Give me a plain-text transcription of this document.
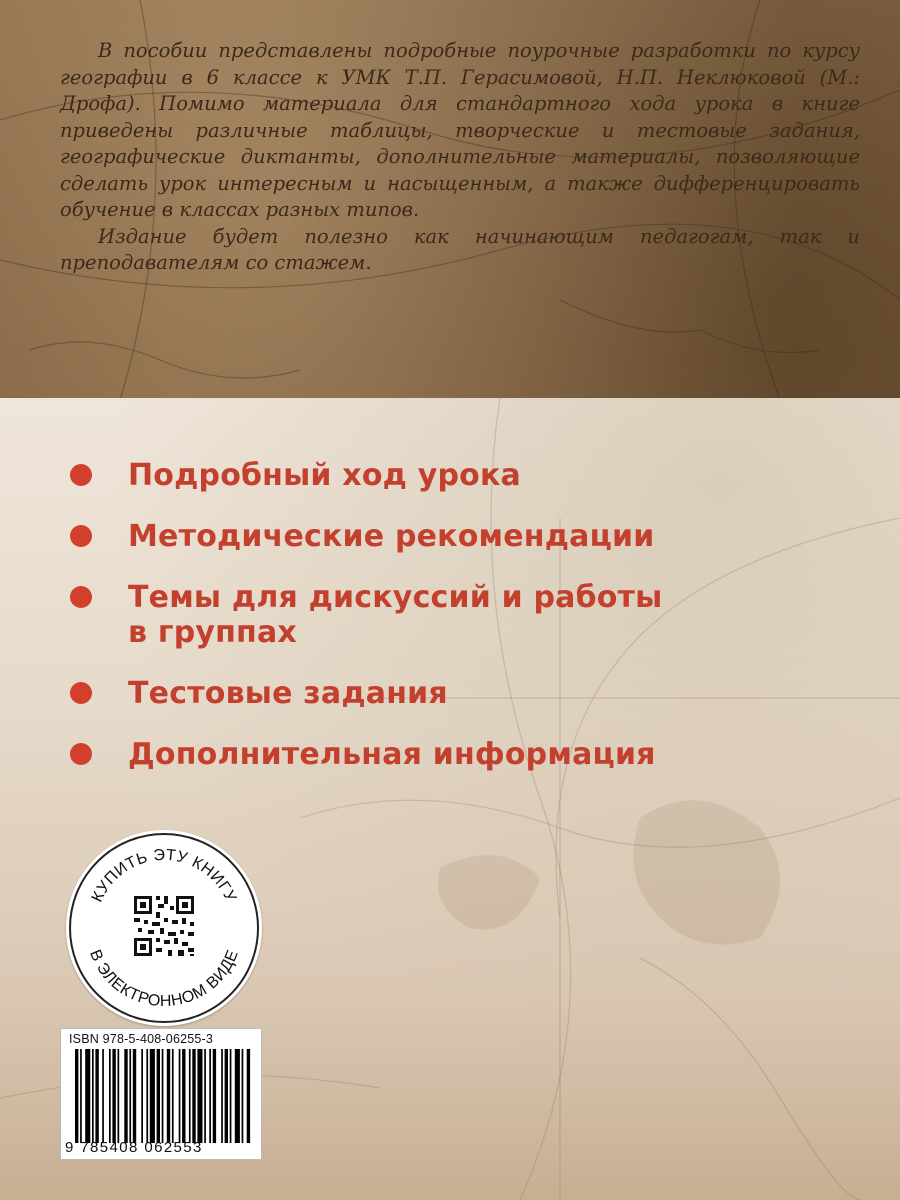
В пособии представлены подробные поурочные разработки по курсу географии в 6 классе к УМК Т.П. Герасимовой, Н.П. Неклюковой (М.: Дрофа). Помимо материала для стандартного хода урока в книге приведены различные таблицы, творческие и тестовые задания, географические диктанты, дополнительные материалы, позволяющие сделать урок интересным и насыщенным, а также дифференцировать обучение в классах разных типов.

Издание будет полезно как начинающим педагогам, так и преподавателям со стажем.

Подробный ход урока
Методические рекомендации
Темы для дискуссий и работы в группах
Тестовые задания
Дополнительная информация
КУПИТЬ ЭТУ КНИГУ
В ЭЛЕКТРОННОМ ВИДЕ
ISBN 978-5-408-06255-3
9 785408 062553
